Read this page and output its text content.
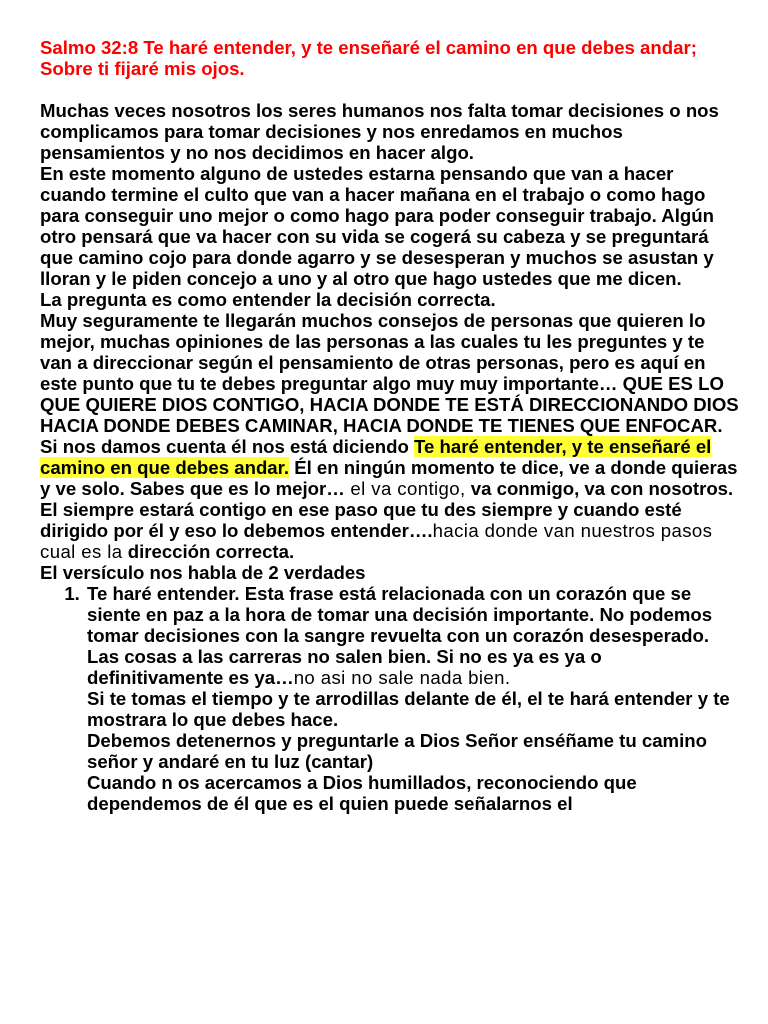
Salmo 32:8 Te haré entender, y te enseñaré el camino en que debes andar; Sobre ti fijaré mis ojos.

Muchas veces nosotros los seres humanos nos falta tomar decisiones o nos complicamos para tomar decisiones y nos enredamos en muchos pensamientos y no nos decidimos en hacer algo.

En este momento alguno de ustedes estarna pensando que van a hacer cuando termine el culto que van a hacer mañana en el trabajo o como hago para conseguir uno mejor o como hago para poder conseguir trabajo. Algún otro pensará que va hacer con su vida se cogerá su cabeza y se preguntará que camino cojo para donde agarro y se desesperan y muchos se asustan y lloran y le piden concejo a uno y al otro que hago ustedes que me dicen.

La pregunta es como entender la decisión correcta.

Muy seguramente te llegarán muchos consejos de personas que quieren lo mejor, muchas opiniones de las personas a las cuales tu les preguntes y te van a direccionar según el pensamiento de otras personas, pero es aquí en este punto que tu te debes preguntar algo muy muy importante… QUE ES LO QUE QUIERE DIOS CONTIGO, HACIA DONDE TE ESTÁ DIRECCIONANDO DIOS HACIA DONDE DEBES CAMINAR, HACIA DONDE TE TIENES QUE ENFOCAR. Si nos damos cuenta él nos está diciendo Te haré entender, y te enseñaré el camino en que debes andar. Él en ningún momento te dice, ve a donde quieras y ve solo. Sabes que es lo mejor… el va contigo, va conmigo, va con nosotros. El siempre estará contigo en ese paso que tu des siempre y cuando esté dirigido por él y eso lo debemos entender….hacia donde van nuestros pasos cual es la dirección correcta.

El versículo nos habla de 2 verdades

1. Te haré entender. Esta frase está relacionada con un corazón que se siente en paz a la hora de tomar una decisión importante. No podemos tomar decisiones con la sangre revuelta con un corazón desesperado. Las cosas a las carreras no salen bien. Si no es ya es ya o definitivamente es ya…no asi no sale nada bien.

Si te tomas el tiempo y te arrodillas delante de él, el te hará entender y te mostrara lo que debes hace.

Debemos detenernos y preguntarle a Dios Señor enséñame tu camino señor y andaré en tu luz (cantar)

Cuando n os acercamos a Dios humillados, reconociendo que dependemos de él que es el quien puede señalarnos el
